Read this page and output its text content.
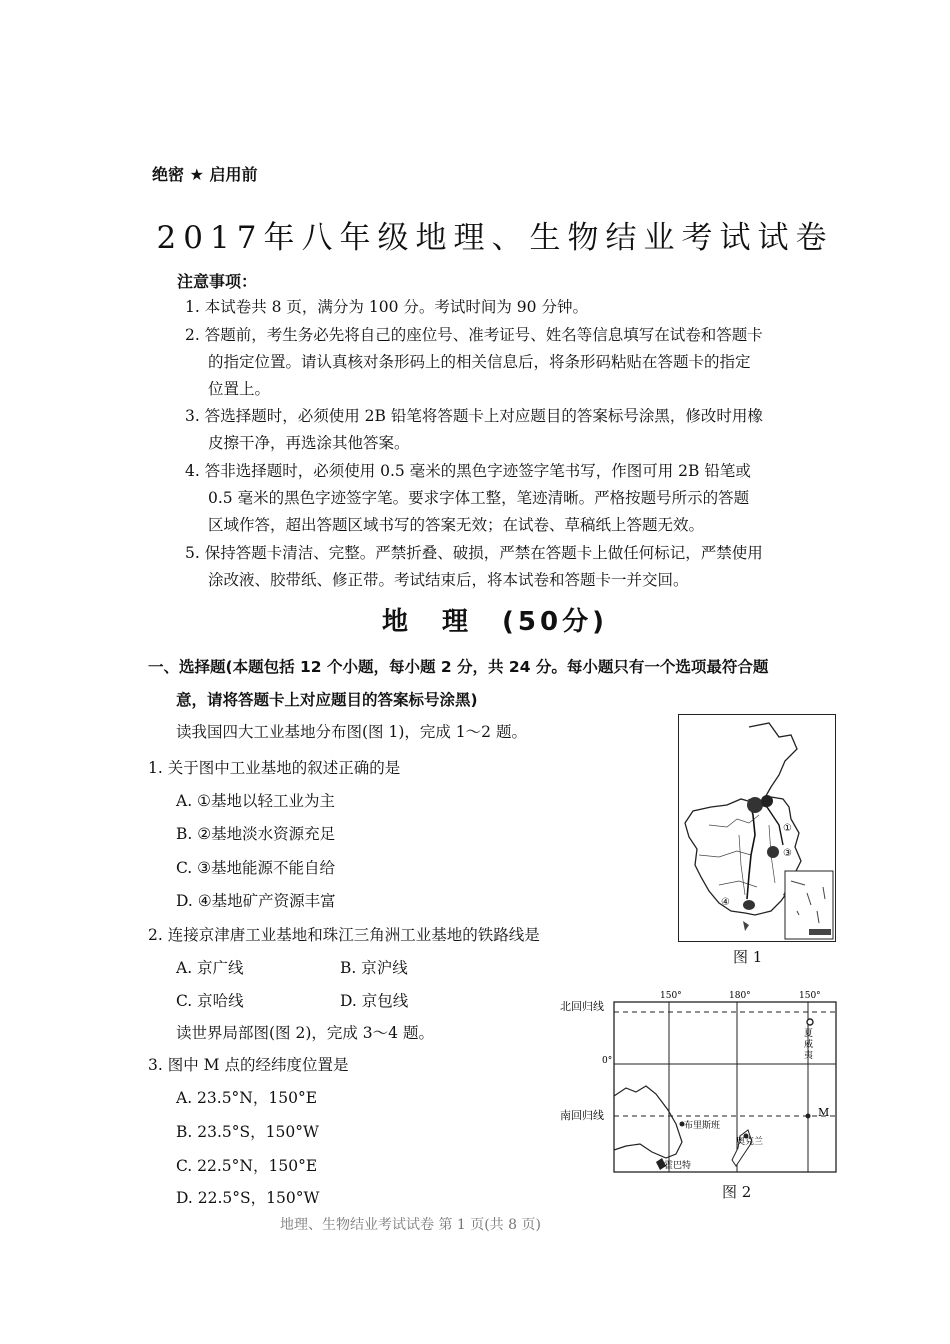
绝密 ★ 启用前
2017年八年级地理、生物结业考试试卷
注意事项：
1. 本试卷共 8 页，满分为 100 分。考试时间为 90 分钟。
2. 答题前，考生务必先将自己的座位号、准考证号、姓名等信息填写在试卷和答题卡
的指定位置。请认真核对条形码上的相关信息后，将条形码粘贴在答题卡的指定
位置上。
3. 答选择题时，必须使用 2B 铅笔将答题卡上对应题目的答案标号涂黑，修改时用橡
皮擦干净，再选涂其他答案。
4. 答非选择题时，必须使用 0.5 毫米的黑色字迹签字笔书写，作图可用 2B 铅笔或
0.5 毫米的黑色字迹签字笔。要求字体工整，笔迹清晰。严格按题号所示的答题
区域作答，超出答题区域书写的答案无效；在试卷、草稿纸上答题无效。
5. 保持答题卡清洁、完整。严禁折叠、破损，严禁在答题卡上做任何标记，严禁使用
涂改液、胶带纸、修正带。考试结束后，将本试卷和答题卡一并交回。
地　理　(50分)
一、选择题(本题包括 12 个小题，每小题 2 分，共 24 分。每小题只有一个选项最符合题
意，请将答题卡上对应题目的答案标号涂黑)
读我国四大工业基地分布图(图 1)，完成 1～2 题。
1. 关于图中工业基地的叙述正确的是
A. ①基地以轻工业为主
B. ②基地淡水资源充足
C. ③基地能源不能自给
D. ④基地矿产资源丰富
2. 连接京津唐工业基地和珠江三角洲工业基地的铁路线是
A. 京广线	B. 京沪线
C. 京哈线	D. 京包线
读世界局部图(图 2)，完成 3～4 题。
3. 图中 M 点的经纬度位置是
A. 23.5°N，150°E
B. 23.5°S，150°W
C. 22.5°N，150°E
D. 22.5°S，150°W
①
③
④
图 1
150°	180°	150°
北回归线
0°
南回归线	M
布里斯班
奥克兰
霍巴特
夏威夷
图 2
地理、生物结业考试试卷 第 1 页(共 8 页)
